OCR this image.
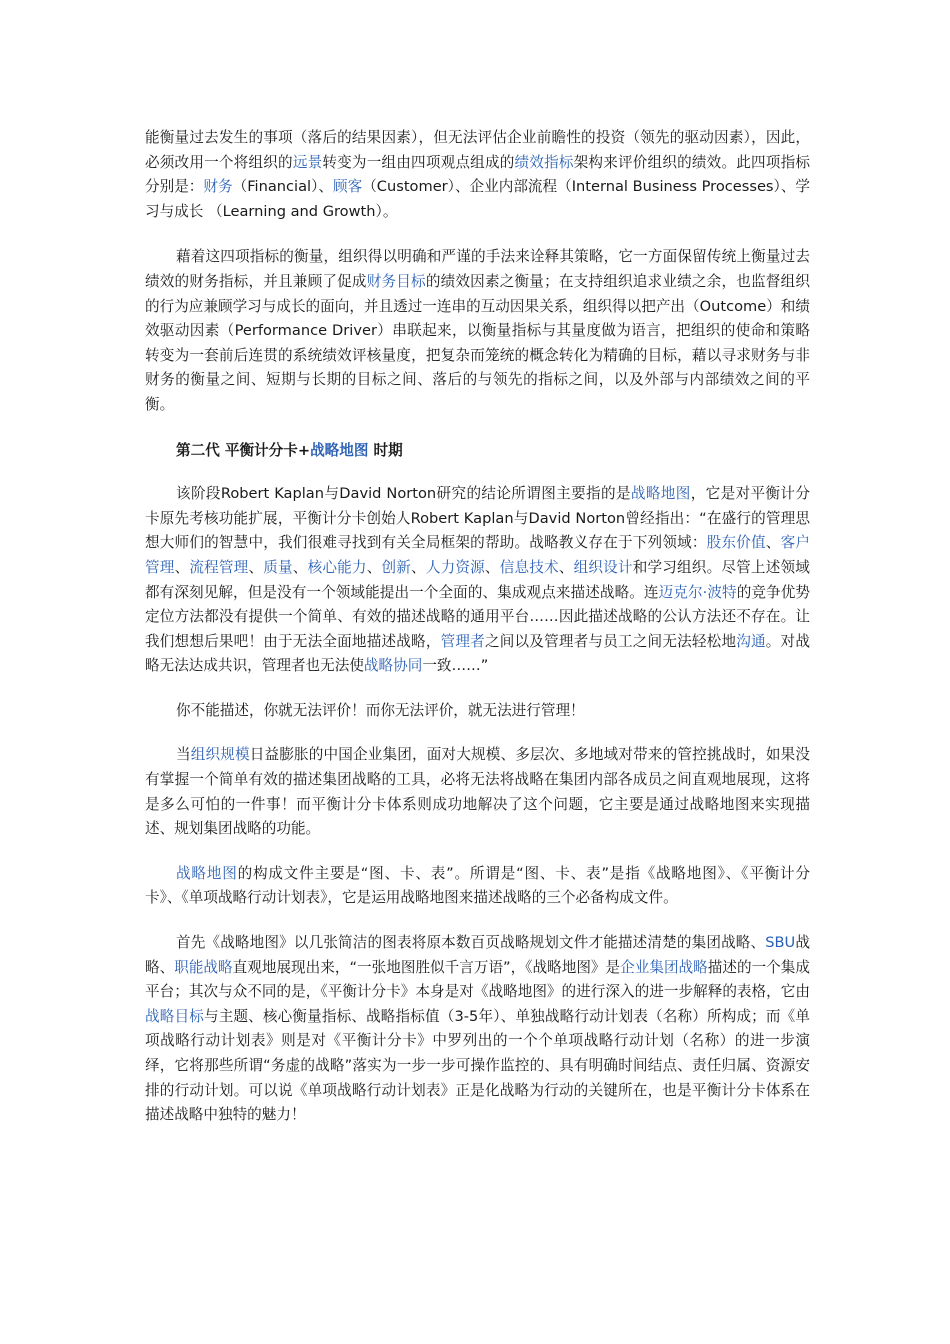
能衡量过去发生的事项（落后的结果因素），但无法评估企业前瞻性的投资（领先的驱动因素），因此，必须改用一个将组织的远景转变为一组由四项观点组成的绩效指标架构来评价组织的绩效。此四项指标分别是：财务（Financial）、顾客（Customer）、企业内部流程（Internal Business Processes）、学习与成长 （Learning and Growth）。

藉着这四项指标的衡量，组织得以明确和严谨的手法来诠释其策略，它一方面保留传统上衡量过去绩效的财务指标，并且兼顾了促成财务目标的绩效因素之衡量；在支持组织追求业绩之余，也监督组织的行为应兼顾学习与成长的面向，并且透过一连串的互动因果关系，组织得以把产出（Outcome）和绩效驱动因素（Performance Driver）串联起来，以衡量指标与其量度做为语言，把组织的使命和策略转变为一套前后连贯的系统绩效评核量度，把复杂而笼统的概念转化为精确的目标，藉以寻求财务与非财务的衡量之间、短期与长期的目标之间、落后的与领先的指标之间，以及外部与内部绩效之间的平衡。

第二代 平衡计分卡+战略地图 时期

该阶段Robert Kaplan与David Norton研究的结论所谓图主要指的是战略地图，它是对平衡计分卡原先考核功能扩展，平衡计分卡创始人Robert Kaplan与David Norton曾经指出：“在盛行的管理思想大师们的智慧中，我们很难寻找到有关全局框架的帮助。战略教义存在于下列领域：股东价值、客户管理、流程管理、质量、核心能力、创新、人力资源、信息技术、组织设计和学习组织。尽管上述领域都有深刻见解，但是没有一个领域能提出一个全面的、集成观点来描述战略。连迈克尔·波特的竞争优势定位方法都没有提供一个简单、有效的描述战略的通用平台……因此描述战略的公认方法还不存在。让我们想想后果吧！由于无法全面地描述战略，管理者之间以及管理者与员工之间无法轻松地沟通。对战略无法达成共识，管理者也无法使战略协同一致……”

你不能描述，你就无法评价！而你无法评价，就无法进行管理！

当组织规模日益膨胀的中国企业集团，面对大规模、多层次、多地域对带来的管控挑战时，如果没有掌握一个简单有效的描述集团战略的工具，必将无法将战略在集团内部各成员之间直观地展现，这将是多么可怕的一件事！而平衡计分卡体系则成功地解决了这个问题，它主要是通过战略地图来实现描述、规划集团战略的功能。

战略地图的构成文件主要是“图、卡、表”。所谓是“图、卡、表”是指《战略地图》、《平衡计分卡》、《单项战略行动计划表》，它是运用战略地图来描述战略的三个必备构成文件。

首先《战略地图》以几张简洁的图表将原本数百页战略规划文件才能描述清楚的集团战略、SBU战略、职能战略直观地展现出来，“一张地图胜似千言万语”，《战略地图》是企业集团战略描述的一个集成平台；其次与众不同的是，《平衡计分卡》本身是对《战略地图》的进行深入的进一步解释的表格，它由战略目标与主题、核心衡量指标、战略指标值（3-5年）、单独战略行动计划表（名称）所构成；而《单项战略行动计划表》则是对《平衡计分卡》中罗列出的一个个单项战略行动计划（名称）的进一步演绎，它将那些所谓“务虚的战略”落实为一步一步可操作监控的、具有明确时间结点、责任归属、资源安排的行动计划。可以说《单项战略行动计划表》正是化战略为行动的关键所在，也是平衡计分卡体系在描述战略中独特的魅力！
